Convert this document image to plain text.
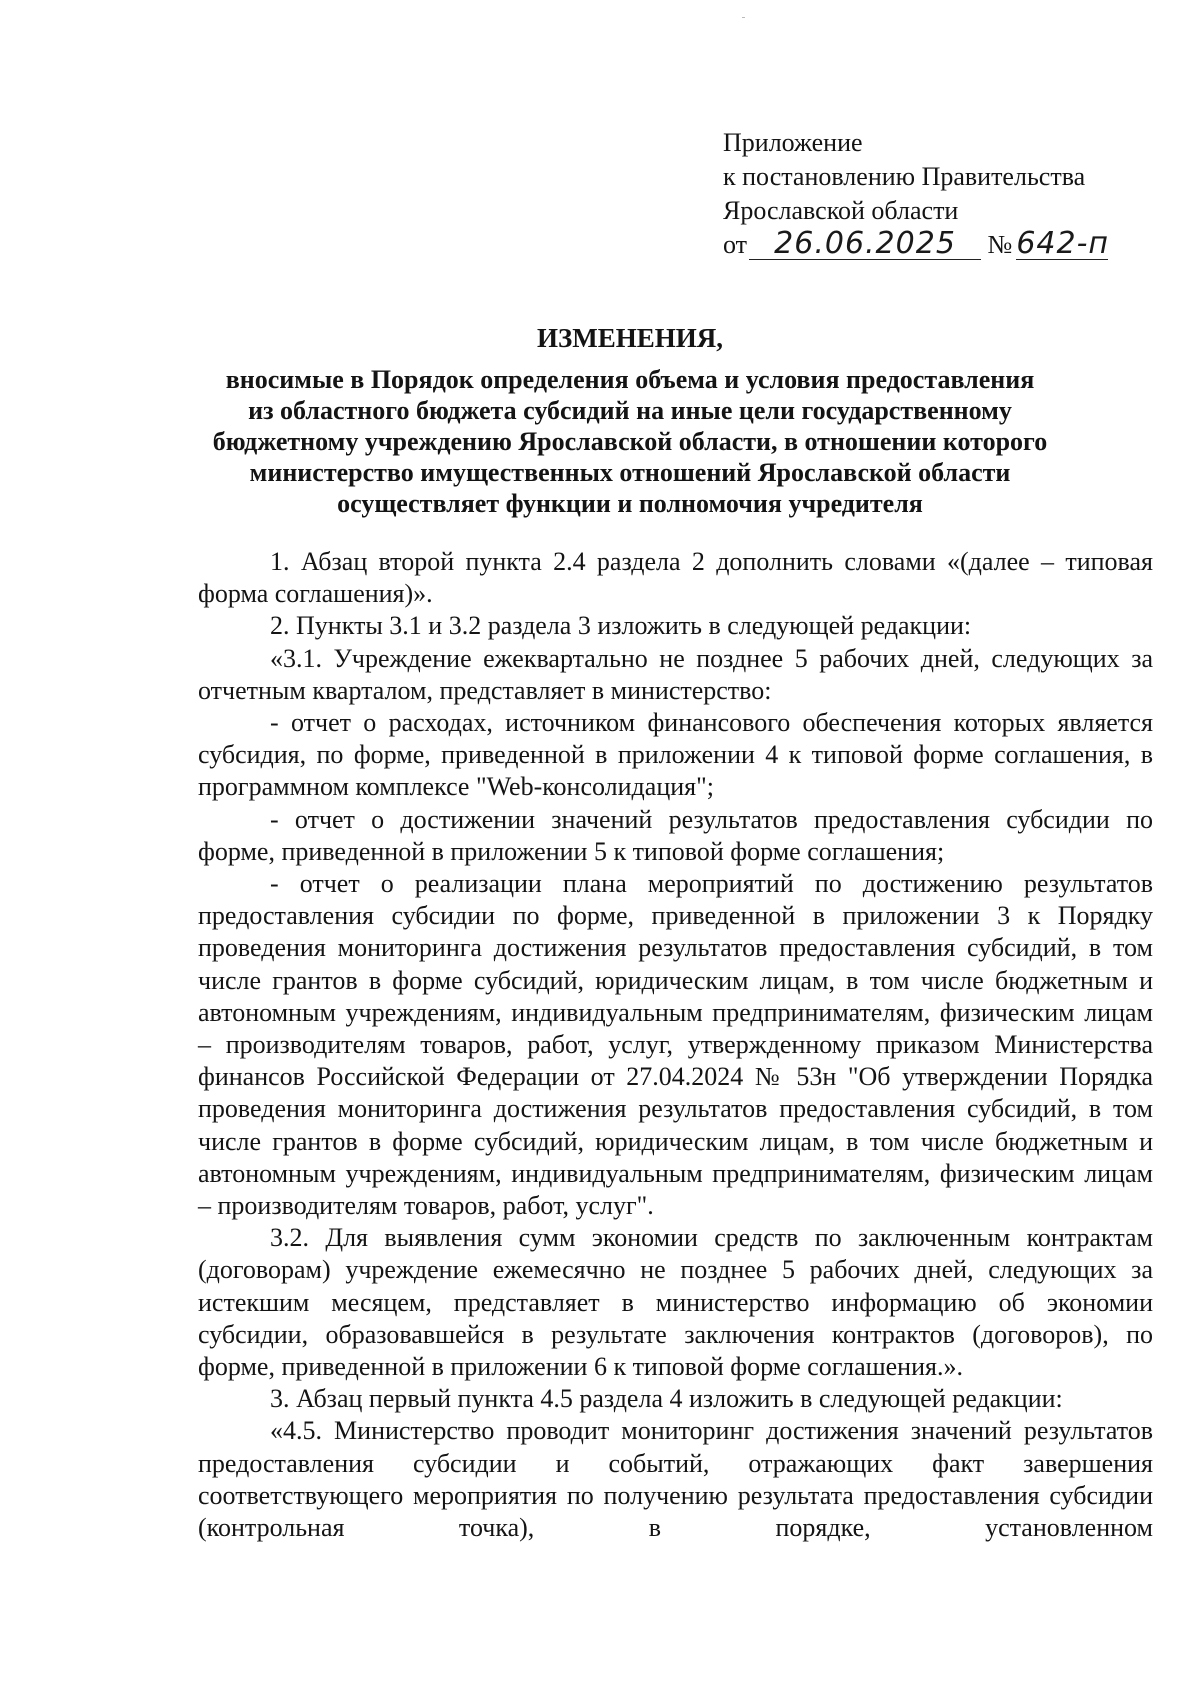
Приложение
к постановлению Правительства
Ярославской области
от 26.06.2025 № 642-п
ИЗМЕНЕНИЯ,
вносимые в Порядок определения объема и условия предоставления
из областного бюджета субсидий на иные цели государственному
бюджетному учреждению Ярославской области, в отношении которого
министерство имущественных отношений Ярославской области
осуществляет функции и полномочия учредителя

1. Абзац второй пункта 2.4 раздела 2 дополнить словами «(далее – типовая форма соглашения)».

2. Пункты 3.1 и 3.2 раздела 3 изложить в следующей редакции:

«3.1. Учреждение ежеквартально не позднее 5 рабочих дней, следующих за отчетным кварталом, представляет в министерство:

- отчет о расходах, источником финансового обеспечения которых является субсидия, по форме, приведенной в приложении 4 к типовой форме соглашения, в программном комплексе "Web-консолидация";

- отчет о достижении значений результатов предоставления субсидии по форме, приведенной в приложении 5 к типовой форме соглашения;

- отчет о реализации плана мероприятий по достижению результатов предоставления субсидии по форме, приведенной в приложении 3 к Порядку проведения мониторинга достижения результатов предоставления субсидий, в том числе грантов в форме субсидий, юридическим лицам, в том числе бюджетным и автономным учреждениям, индивидуальным предпринимателям, физическим лицам – производителям товаров, работ, услуг, утвержденному приказом Министерства финансов Российской Федерации от 27.04.2024 № 53н "Об утверждении Порядка проведения мониторинга достижения результатов предоставления субсидий, в том числе грантов в форме субсидий, юридическим лицам, в том числе бюджетным и автономным учреждениям, индивидуальным предпринимателям, физическим лицам – производителям товаров, работ, услуг".

3.2. Для выявления сумм экономии средств по заключенным контрактам (договорам) учреждение ежемесячно не позднее 5 рабочих дней, следующих за истекшим месяцем, представляет в министерство информацию об экономии субсидии, образовавшейся в результате заключения контрактов (договоров), по форме, приведенной в приложении 6 к типовой форме соглашения.».

3. Абзац первый пункта 4.5 раздела 4 изложить в следующей редакции:

«4.5. Министерство проводит мониторинг достижения значений результатов предоставления субсидии и событий, отражающих факт завершения соответствующего мероприятия по получению результата предоставления субсидии (контрольная точка), в порядке, установленном
